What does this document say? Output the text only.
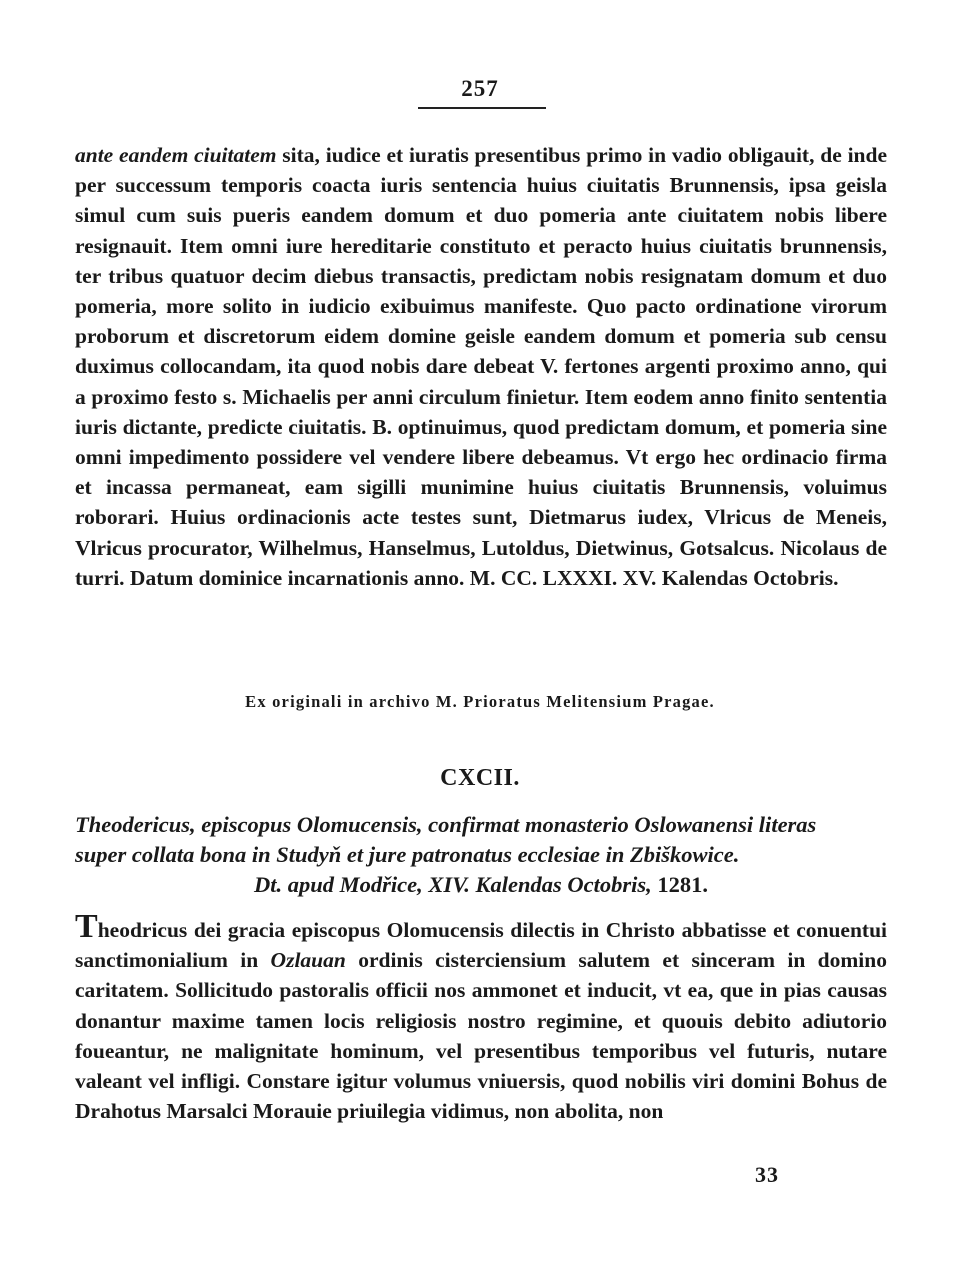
257
ante eandem ciuitatem sita, iudice et iuratis presentibus primo in vadio obligauit, de inde per successum temporis coacta iuris sentencia huius ciuitatis Brunnensis, ipsa geisla simul cum suis pueris eandem domum et duo pomeria ante ciuitatem nobis libere resignauit. Item omni iure hereditarie constituto et peracto huius ciuitatis brunnensis, ter tribus quatuor decim diebus transactis, predictam nobis resignatam domum et duo pomeria, more solito in iudicio exibuimus manifeste. Quo pacto ordinatione virorum proborum et discretorum eidem domine geisle eandem domum et pomeria sub censu duximus collocandam, ita quod nobis dare debeat V. fertones argenti proximo anno, qui a proximo festo s. Michaelis per anni circulum finietur. Item eodem anno finito sententia iuris dictante, predicte ciuitatis. B. optinuimus, quod predictam domum, et pomeria sine omni impedimento possidere vel vendere libere debeamus. Vt ergo hec ordinacio firma et incassa permaneat, eam sigilli munimine huius ciuitatis Brunnensis, voluimus roborari. Huius ordinacionis acte testes sunt, Dietmarus iudex, Vlricus de Meneis, Vlricus procurator, Wilhelmus, Hanselmus, Lutoldus, Dietwinus, Gotsalcus. Nicolaus de turri. Datum dominice incarnationis anno. M. CC. LXXXI. XV. Kalendas Octobris.
Ex originali in archivo M. Prioratus Melitensium Pragae.
CXCII.
Theodericus, episcopus Olomucensis, confirmat monasterio Oslowanensi literas
super collata bona in Studyň et jure patronatus ecclesiae in Zbiškowice.
Dt. apud Modřice, XIV. Kalendas Octobris, 1281.
Theodricus dei gracia episcopus Olomucensis dilectis in Christo abbatisse et conuentui sanctimonialium in Ozlauan ordinis cisterciensium salutem et sinceram in domino caritatem. Sollicitudo pastoralis officii nos ammonet et inducit, vt ea, que in pias causas donantur maxime tamen locis religiosis nostro regimine, et quouis debito adiutorio foueantur, ne malignitate hominum, vel presentibus temporibus vel futuris, nutare valeant vel infligi. Constare igitur volumus vniuersis, quod nobilis viri domini Bohus de Drahotus Marsalci Morauie priuilegia vidimus, non abolita, non
33
